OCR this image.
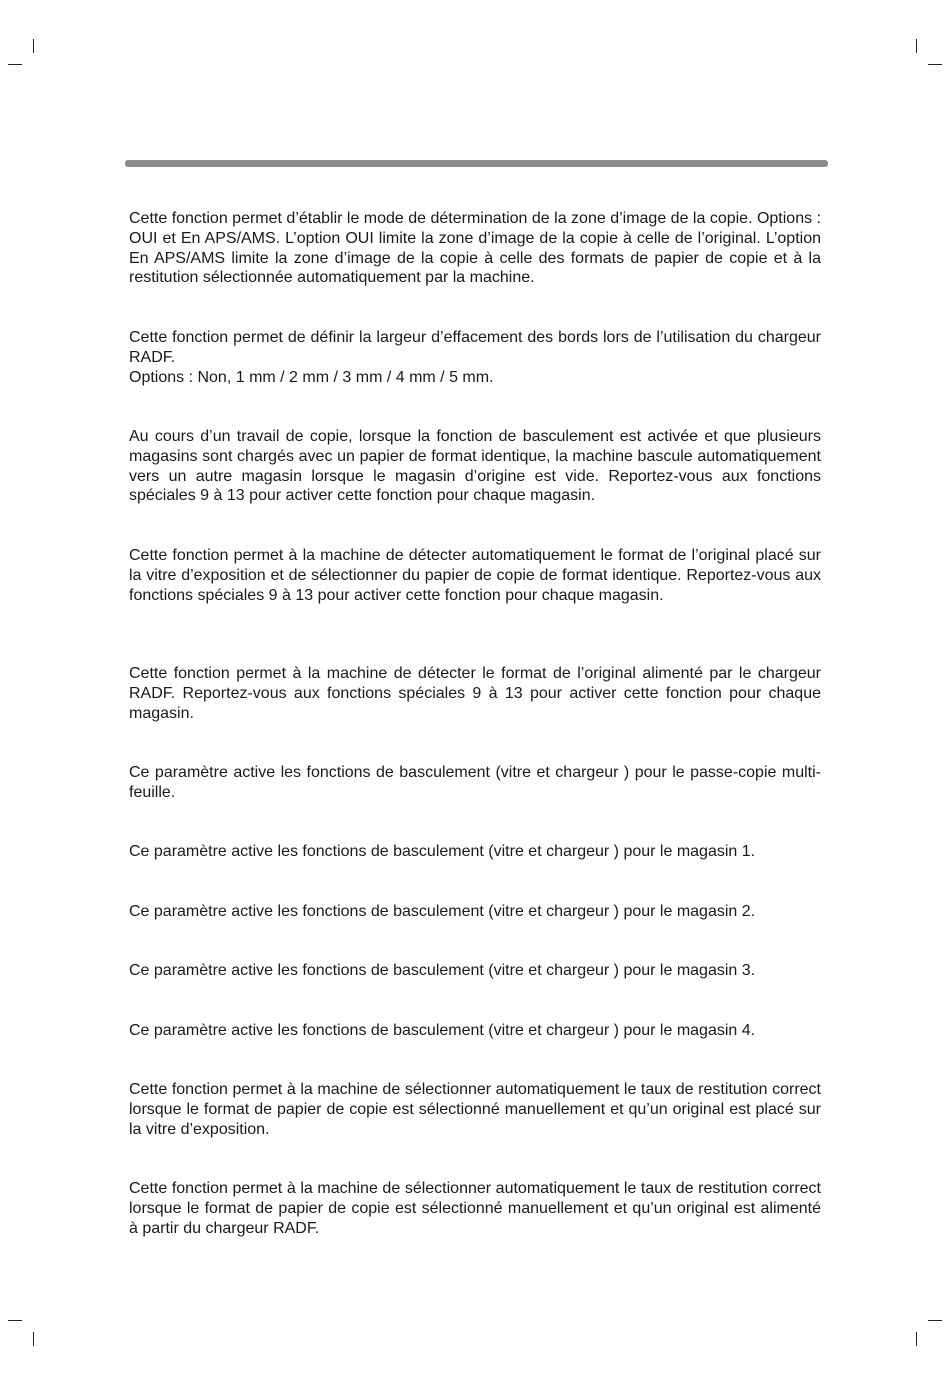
Cette fonction permet d’établir le mode de détermination de la zone d’image de la copie. Options : OUI et En APS/AMS. L’option OUI limite la zone d’image de la copie à celle de l’original. L’option En APS/AMS limite la zone d’image de la copie à celle des formats de papier de copie et à la restitution sélectionnée automatiquement par la machine.

Cette fonction permet de définir la largeur d’effacement des bords lors de l’utilisation du chargeur RADF.
Options : Non, 1 mm / 2 mm / 3 mm / 4 mm / 5 mm.

Au cours d’un travail de copie, lorsque la fonction de basculement est activée et que plusieurs magasins sont chargés avec un papier de format identique, la machine bascule automatiquement vers un autre magasin lorsque le magasin d’origine est vide. Reportez-vous aux fonctions spéciales 9 à 13 pour activer cette fonction pour chaque magasin.

Cette fonction permet à la machine de détecter automatiquement le format de l’original placé sur la vitre d’exposition et de sélectionner du papier de copie de format identique. Reportez-vous aux fonctions spéciales 9 à 13 pour activer cette fonction pour chaque magasin.

Cette fonction permet à la machine de détecter le format de l’original alimenté par le chargeur RADF. Reportez-vous aux fonctions spéciales 9 à 13 pour activer cette fonction pour chaque magasin.

Ce paramètre active les fonctions de basculement (vitre et chargeur ) pour le passe-copie multi-feuille.

Ce paramètre active les fonctions de basculement (vitre et chargeur ) pour le magasin 1.

Ce paramètre active les fonctions de basculement (vitre et chargeur ) pour le magasin 2.

Ce paramètre active les fonctions de basculement (vitre et chargeur ) pour le magasin 3.

Ce paramètre active les fonctions de basculement (vitre et chargeur ) pour le magasin 4.

Cette fonction permet à la machine de sélectionner automatiquement le taux de restitution correct lorsque le format de papier de copie est sélectionné manuellement et qu’un original est placé sur la vitre d’exposition.

Cette fonction permet à la machine de sélectionner automatiquement le taux de restitution correct lorsque le format de papier de copie est sélectionné manuellement et qu’un original est alimenté à partir du chargeur RADF.
